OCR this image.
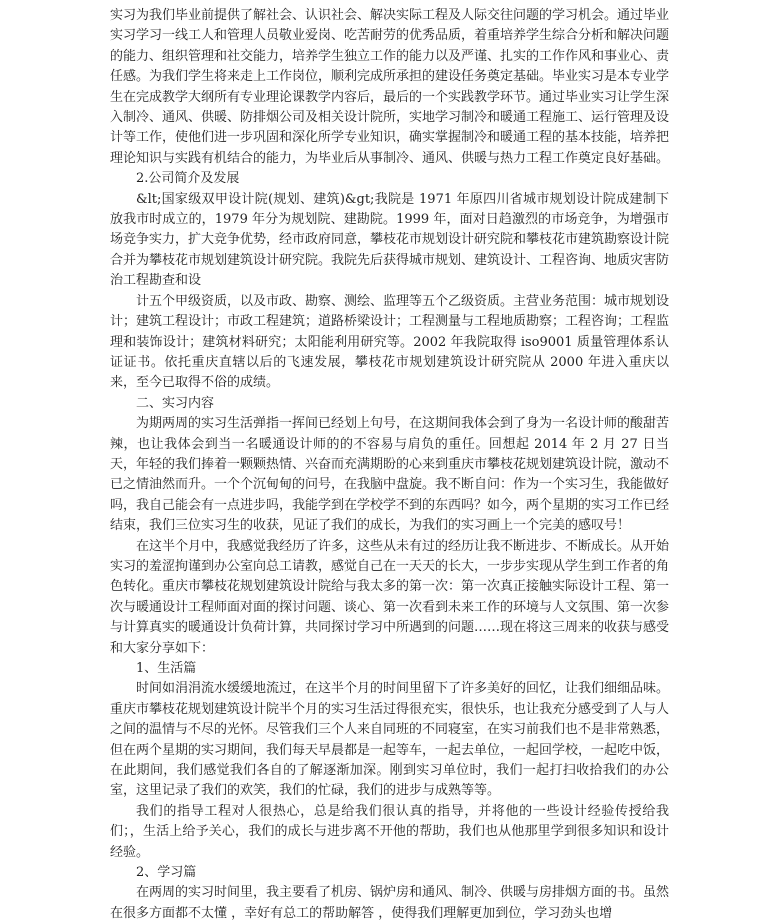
实习为我们毕业前提供了解社会、认识社会、解决实际工程及人际交往问题的学习机会。通过毕业实习学习一线工人和管理人员敬业爱岗、吃苦耐劳的优秀品质，着重培养学生综合分析和解决问题的能力、组织管理和社交能力，培养学生独立工作的能力以及严谨、扎实的工作作风和事业心、责任感。为我们学生将来走上工作岗位，顺利完成所承担的建设任务奠定基础。毕业实习是本专业学生在完成教学大纲所有专业理论课教学内容后，最后的一个实践教学环节。通过毕业实习让学生深入制冷、通风、供暖、防排烟公司及相关设计院所，实地学习制冷和暖通工程施工、运行管理及设计等工作，使他们进一步巩固和深化所学专业知识，确实掌握制冷和暖通工程的基本技能，培养把理论知识与实践有机结合的能力，为毕业后从事制冷、通风、供暖与热力工程工作奠定良好基础。

2.公司简介及发展

&lt;国家级双甲设计院(规划、建筑)&gt;我院是 1971 年原四川省城市规划设计院成建制下放我市时成立的，1979 年分为规划院、建勘院。1999 年，面对日趋激烈的市场竞争，为增强市场竞争实力，扩大竞争优势，经市政府同意，攀枝花市规划设计研究院和攀枝花市建筑勘察设计院合并为攀枝花市规划建筑设计研究院。我院先后获得城市规划、建筑设计、工程咨询、地质灾害防治工程勘查和设

计五个甲级资质，以及市政、勘察、测绘、监理等五个乙级资质。主营业务范围：城市规划设计；建筑工程设计；市政工程建筑；道路桥梁设计；工程测量与工程地质勘察；工程咨询；工程监理和装饰设计；建筑材料研究；太阳能利用研究等。2002 年我院取得 iso9001 质量管理体系认证证书。依托重庆直辖以后的飞速发展，攀枝花市规划建筑设计研究院从 2000 年进入重庆以来，至今已取得不俗的成绩。

二、实习内容

为期两周的实习生活弹指一挥间已经划上句号，在这期间我体会到了身为一名设计师的酸甜苦辣，也让我体会到当一名暖通设计师的的不容易与肩负的重任。回想起 2014 年 2 月 27 日当天，年轻的我们捧着一颗颗热情、兴奋而充满期盼的心来到重庆市攀枝花规划建筑设计院，激动不已之情油然而升。一个个沉甸甸的问号，在我脑中盘旋。我不断自问：作为一个实习生，我能做好吗，我自己能会有一点进步吗，我能学到在学校学不到的东西吗？如今，两个星期的实习工作已经结束，我们三位实习生的收获，见证了我们的成长，为我们的实习画上一个完美的感叹号！

在这半个月中，我感觉我经历了许多，这些从未有过的经历让我不断进步、不断成长。从开始实习的羞涩拘谨到办公室向总工请教，感觉自己在一天天的长大，一步步实现从学生到工作者的角色转化。重庆市攀枝花规划建筑设计院给与我太多的第一次：第一次真正接触实际设计工程、第一次与暖通设计工程师面对面的探讨问题、谈心、第一次看到未来工作的环境与人文氛围、第一次参与计算真实的暖通设计负荷计算，共同探讨学习中所遇到的问题……现在将这三周来的收获与感受和大家分享如下：

1、生活篇

时间如涓涓流水缓缓地流过，在这半个月的时间里留下了许多美好的回忆，让我们细细品味。重庆市攀枝花规划建筑设计院半个月的实习生活过得很充实，很快乐，也让我充分感受到了人与人之间的温情与不尽的光怀。尽管我们三个人来自同班的不同寝室，在实习前我们也不是非常熟悉，但在两个星期的实习期间，我们每天早晨都是一起等车，一起去单位，一起回学校，一起吃中饭，在此期间，我们感觉我们各自的了解逐渐加深。刚到实习单位时，我们一起打扫收拾我们的办公室，这里记录了我们的欢笑，我们的忙碌，我们的进步与成熟等等。

我们的指导工程对人很热心，总是给我们很认真的指导，并将他的一些设计经验传授给我们；，生活上给予关心，我们的成长与进步离不开他的帮助，我们也从他那里学到很多知识和设计经验。

2、学习篇

在两周的实习时间里，我主要看了机房、锅炉房和通风、制冷、供暖与房排烟方面的书。虽然在很多方面都不太懂 ，幸好有总工的帮助解答 ，使得我们理解更加到位，学习劲头也增
